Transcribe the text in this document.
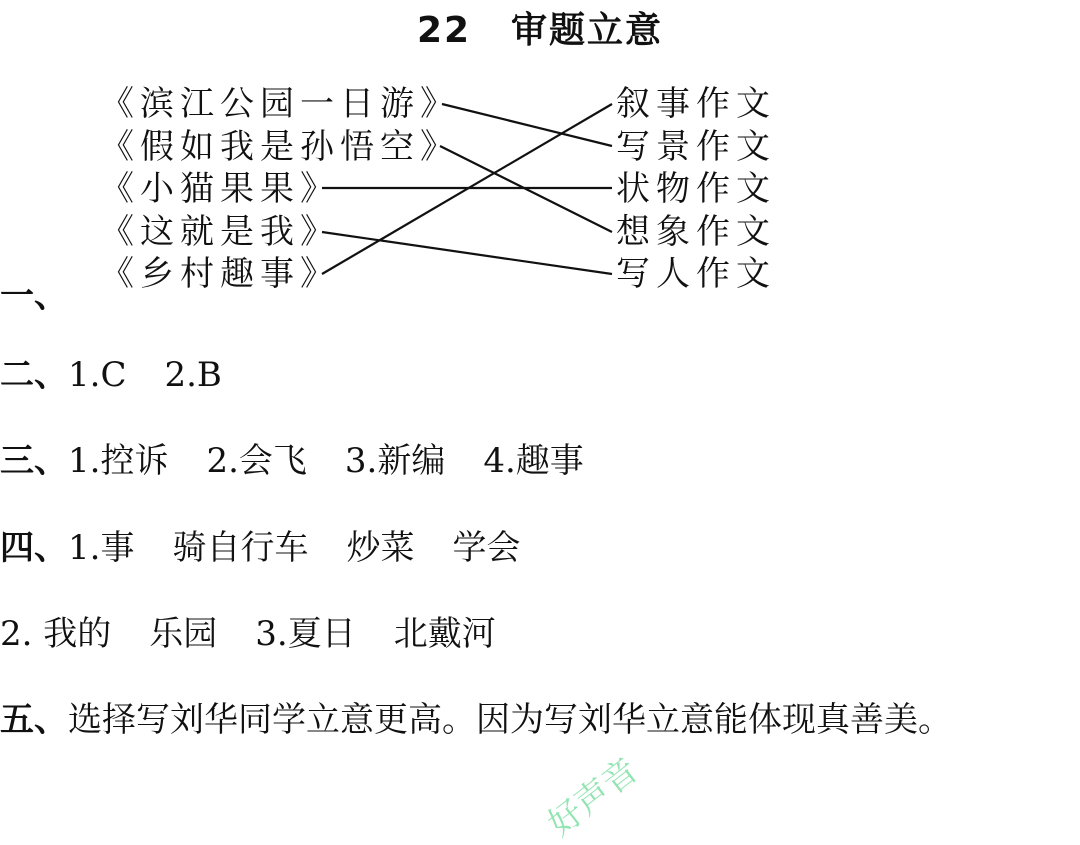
22 审题立意
《滨江公园一日游》
《假如我是孙悟空》
《小猫果果》
《这就是我》
《乡村趣事》
叙事作文
写景作文
状物作文
想象作文
写人作文
一、
二、1.C 2.B
三、1.控诉 2.会飞 3.新编 4.趣事
四、1.事 骑自行车 炒菜 学会
2. 我的 乐园 3.夏日 北戴河
五、选择写刘华同学立意更高。因为写刘华立意能体现真善美。
好声音
